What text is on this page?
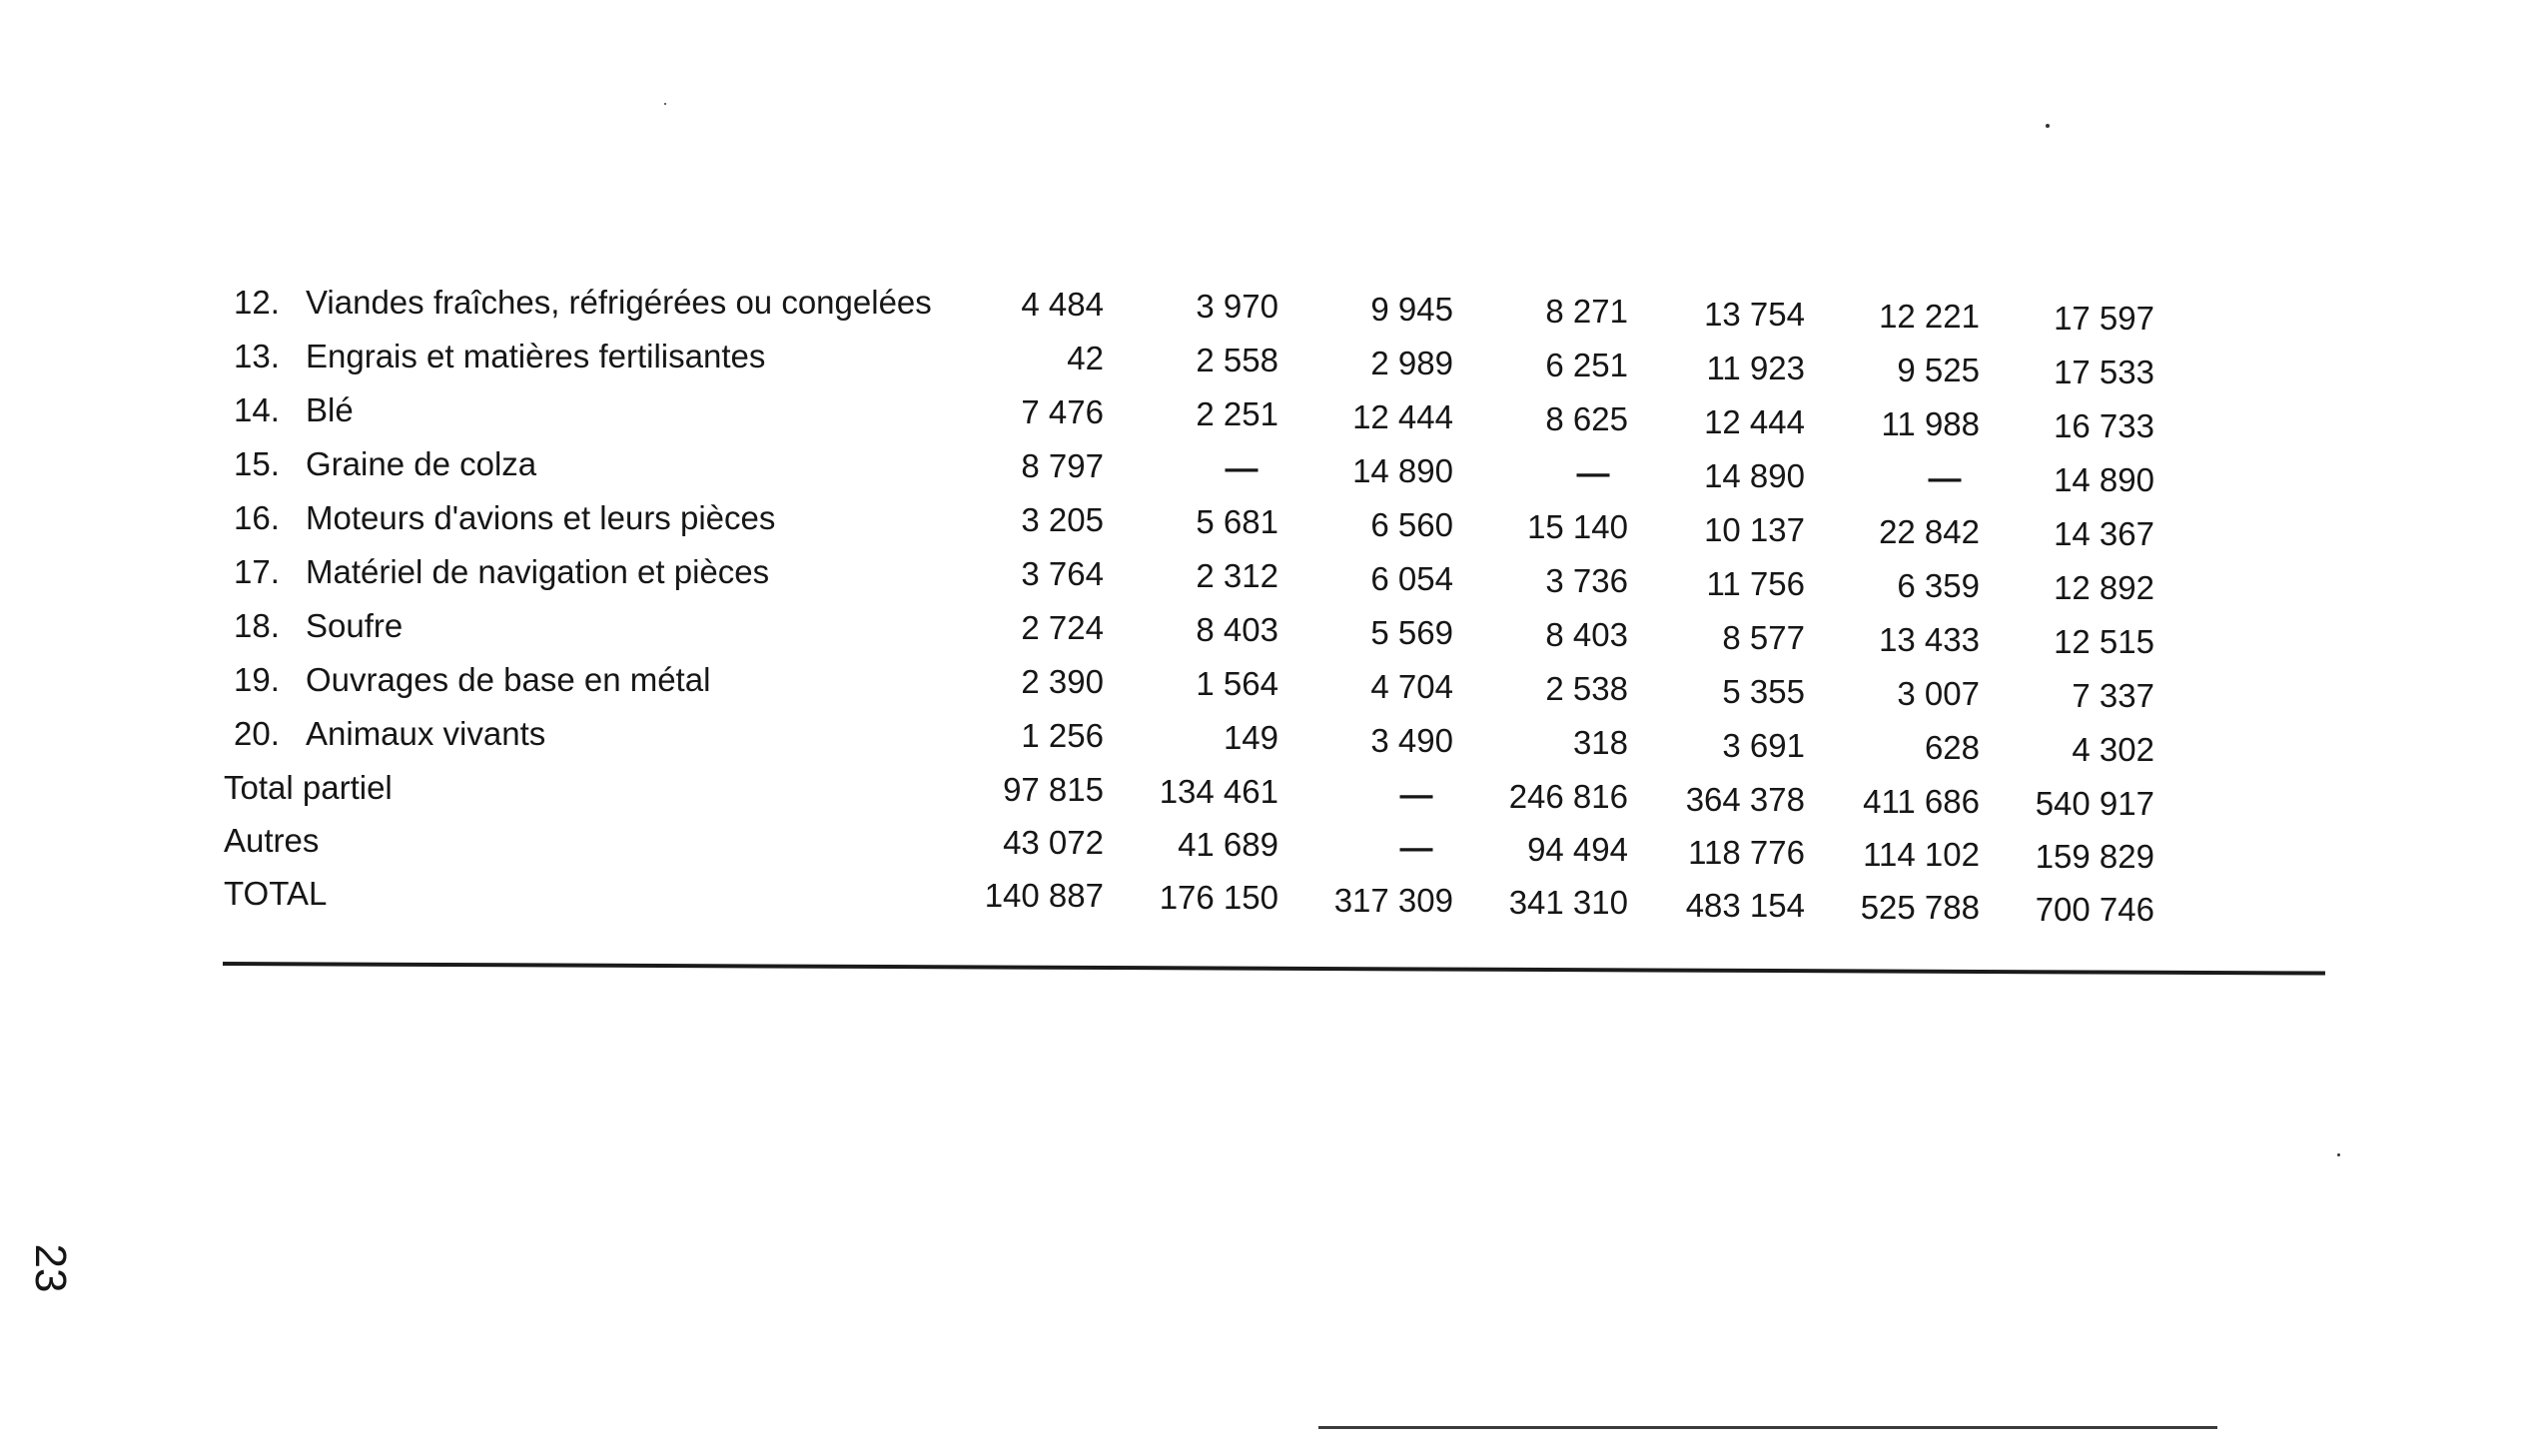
12. Viandes fraîches, réfrigérées ou congelées	4 484	3 970	9 945	8 271	13 754	12 221	17 597
13. Engrais et matières fertilisantes	42	2 558	2 989	6 251	11 923	9 525	17 533
14. Blé	7 476	2 251	12 444	8 625	12 444	11 988	16 733
15. Graine de colza	8 797	—	14 890	—	14 890	—	14 890
16. Moteurs d'avions et leurs pièces	3 205	5 681	6 560	15 140	10 137	22 842	14 367
17. Matériel de navigation et pièces	3 764	2 312	6 054	3 736	11 756	6 359	12 892
18. Soufre	2 724	8 403	5 569	8 403	8 577	13 433	12 515
19. Ouvrages de base en métal	2 390	1 564	4 704	2 538	5 355	3 007	7 337
20. Animaux vivants	1 256	149	3 490	318	3 691	628	4 302
Total partiel	97 815	134 461	—	246 816	364 378	411 686	540 917
Autres	43 072	41 689	—	94 494	118 776	114 102	159 829
TOTAL	140 887	176 150	317 309	341 310	483 154	525 788	700 746
23
